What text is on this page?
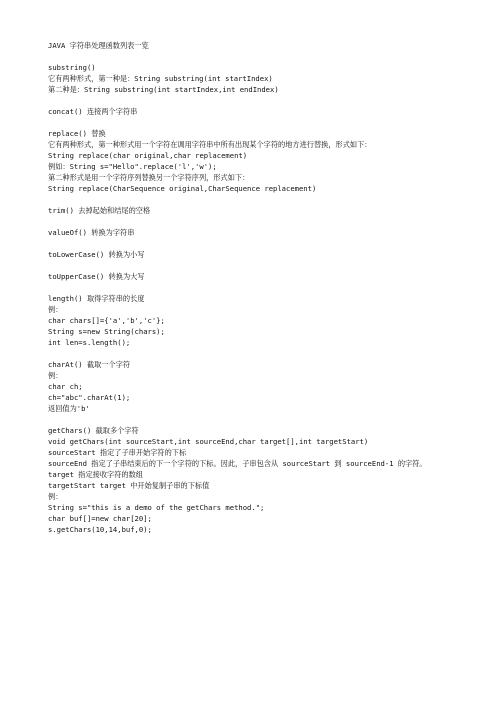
JAVA 字符串处理函数列表一览
substring()
它有两种形式，第一种是：String substring(int startIndex)
第二种是：String substring(int startIndex,int endIndex)
concat() 连接两个字符串
replace() 替换
它有两种形式，第一种形式用一个字符在调用字符串中所有出现某个字符的地方进行替换，形式如下：
String replace(char original,char replacement)
例如：String s="Hello".replace('l','w');
第二种形式是用一个字符序列替换另一个字符序列，形式如下：
String replace(CharSequence original,CharSequence replacement)
trim() 去掉起始和结尾的空格
valueOf() 转换为字符串
toLowerCase() 转换为小写
toUpperCase() 转换为大写
length() 取得字符串的长度
例：
char chars[]={'a','b','c'};
String s=new String(chars);
int len=s.length();
charAt() 截取一个字符
例：
char ch;
ch="abc".charAt(1);
返回值为'b'
getChars() 截取多个字符
void getChars(int sourceStart,int sourceEnd,char target[],int targetStart)
sourceStart 指定了子串开始字符的下标
sourceEnd 指定了子串结束后的下一个字符的下标。因此，子串包含从 sourceStart 到 sourceEnd-1 的字符。
target 指定接收字符的数组
targetStart target 中开始复制子串的下标值
例：
String s="this is a demo of the getChars method.";
char buf[]=new char[20];
s.getChars(10,14,buf,0);
